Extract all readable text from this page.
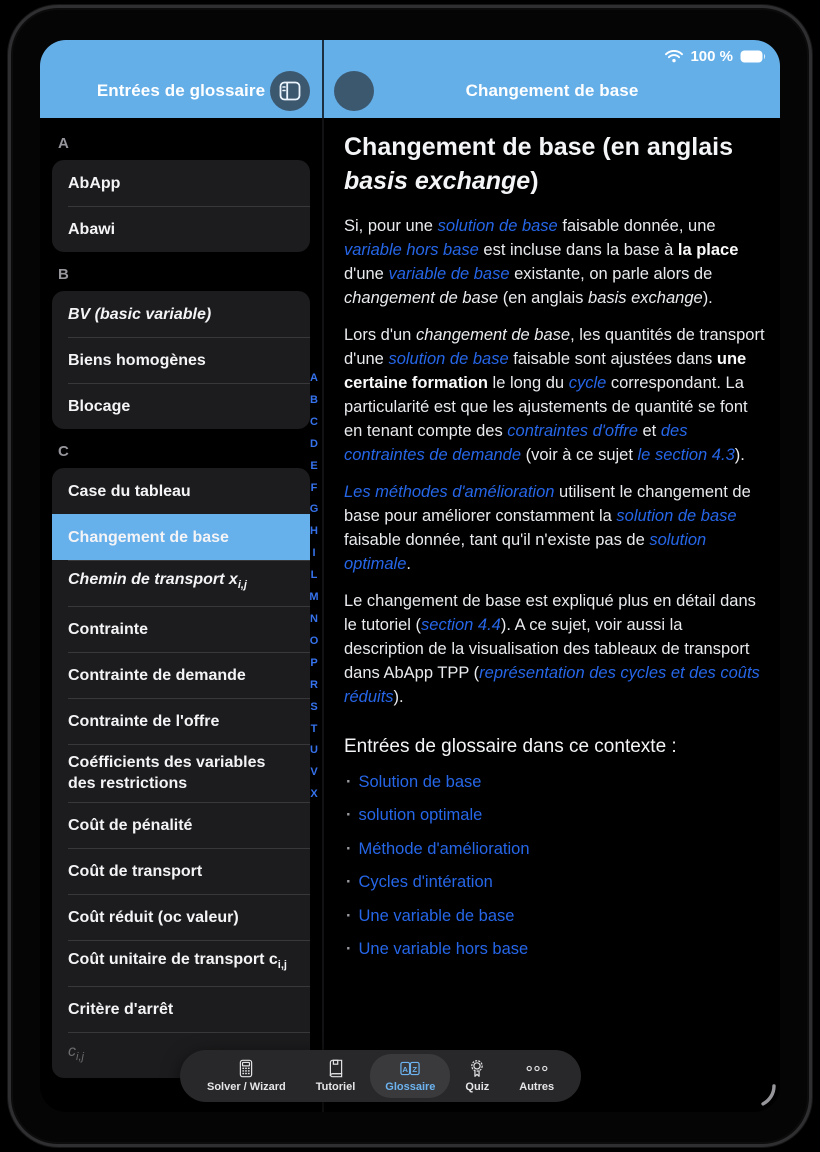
Entrées de glossaire	Changement de base
100 %
A
AbApp
Abawi
B
BV (basic variable)
Biens homogènes
Blocage
C
Case du tableau
Changement de base
Chemin de transport $x_{i,j}$
Contrainte
Contrainte de demande
Contrainte de l'offre
Coéfficients des variables des restrictions
Coût de pénalité
Coût de transport
Coût réduit (oc valeur)
Coût unitaire de transport $c_{i,j}$
Critère d'arrêt
$c_{i,j}$
Changement de base (en anglais basis exchange)

Si, pour une solution de base faisable donnée, une variable hors base est incluse dans la base à la place d'une variable de base existante, on parle alors de changement de base (en anglais basis exchange).

Lors d'un changement de base, les quantités de transport d'une solution de base faisable sont ajustées dans une certaine formation le long du cycle correspondant. La particularité est que les ajustements de quantité se font en tenant compte des contraintes d'offre et des contraintes de demande (voir à ce sujet le section 4.3).

Les méthodes d'amélioration utilisent le changement de base pour améliorer constamment la solution de base faisable donnée, tant qu'il n'existe pas de solution optimale.

Le changement de base est expliqué plus en détail dans le tutoriel (section 4.4). A ce sujet, voir aussi la description de la visualisation des tableaux de transport dans AbApp TPP (représentation des cycles et des coûts réduits).

Entrées de glossaire dans ce contexte :
· Solution de base
· solution optimale
· Méthode d'amélioration
· Cycles d'intération
· Une variable de base
· Une variable hors base
A
B
C
D
E
F
G
H
I
L
M
N
O
P
R
S
T
U
V
X
Solver / Wizard	Tutoriel
A Z
Glossaire	Quiz	Autres
